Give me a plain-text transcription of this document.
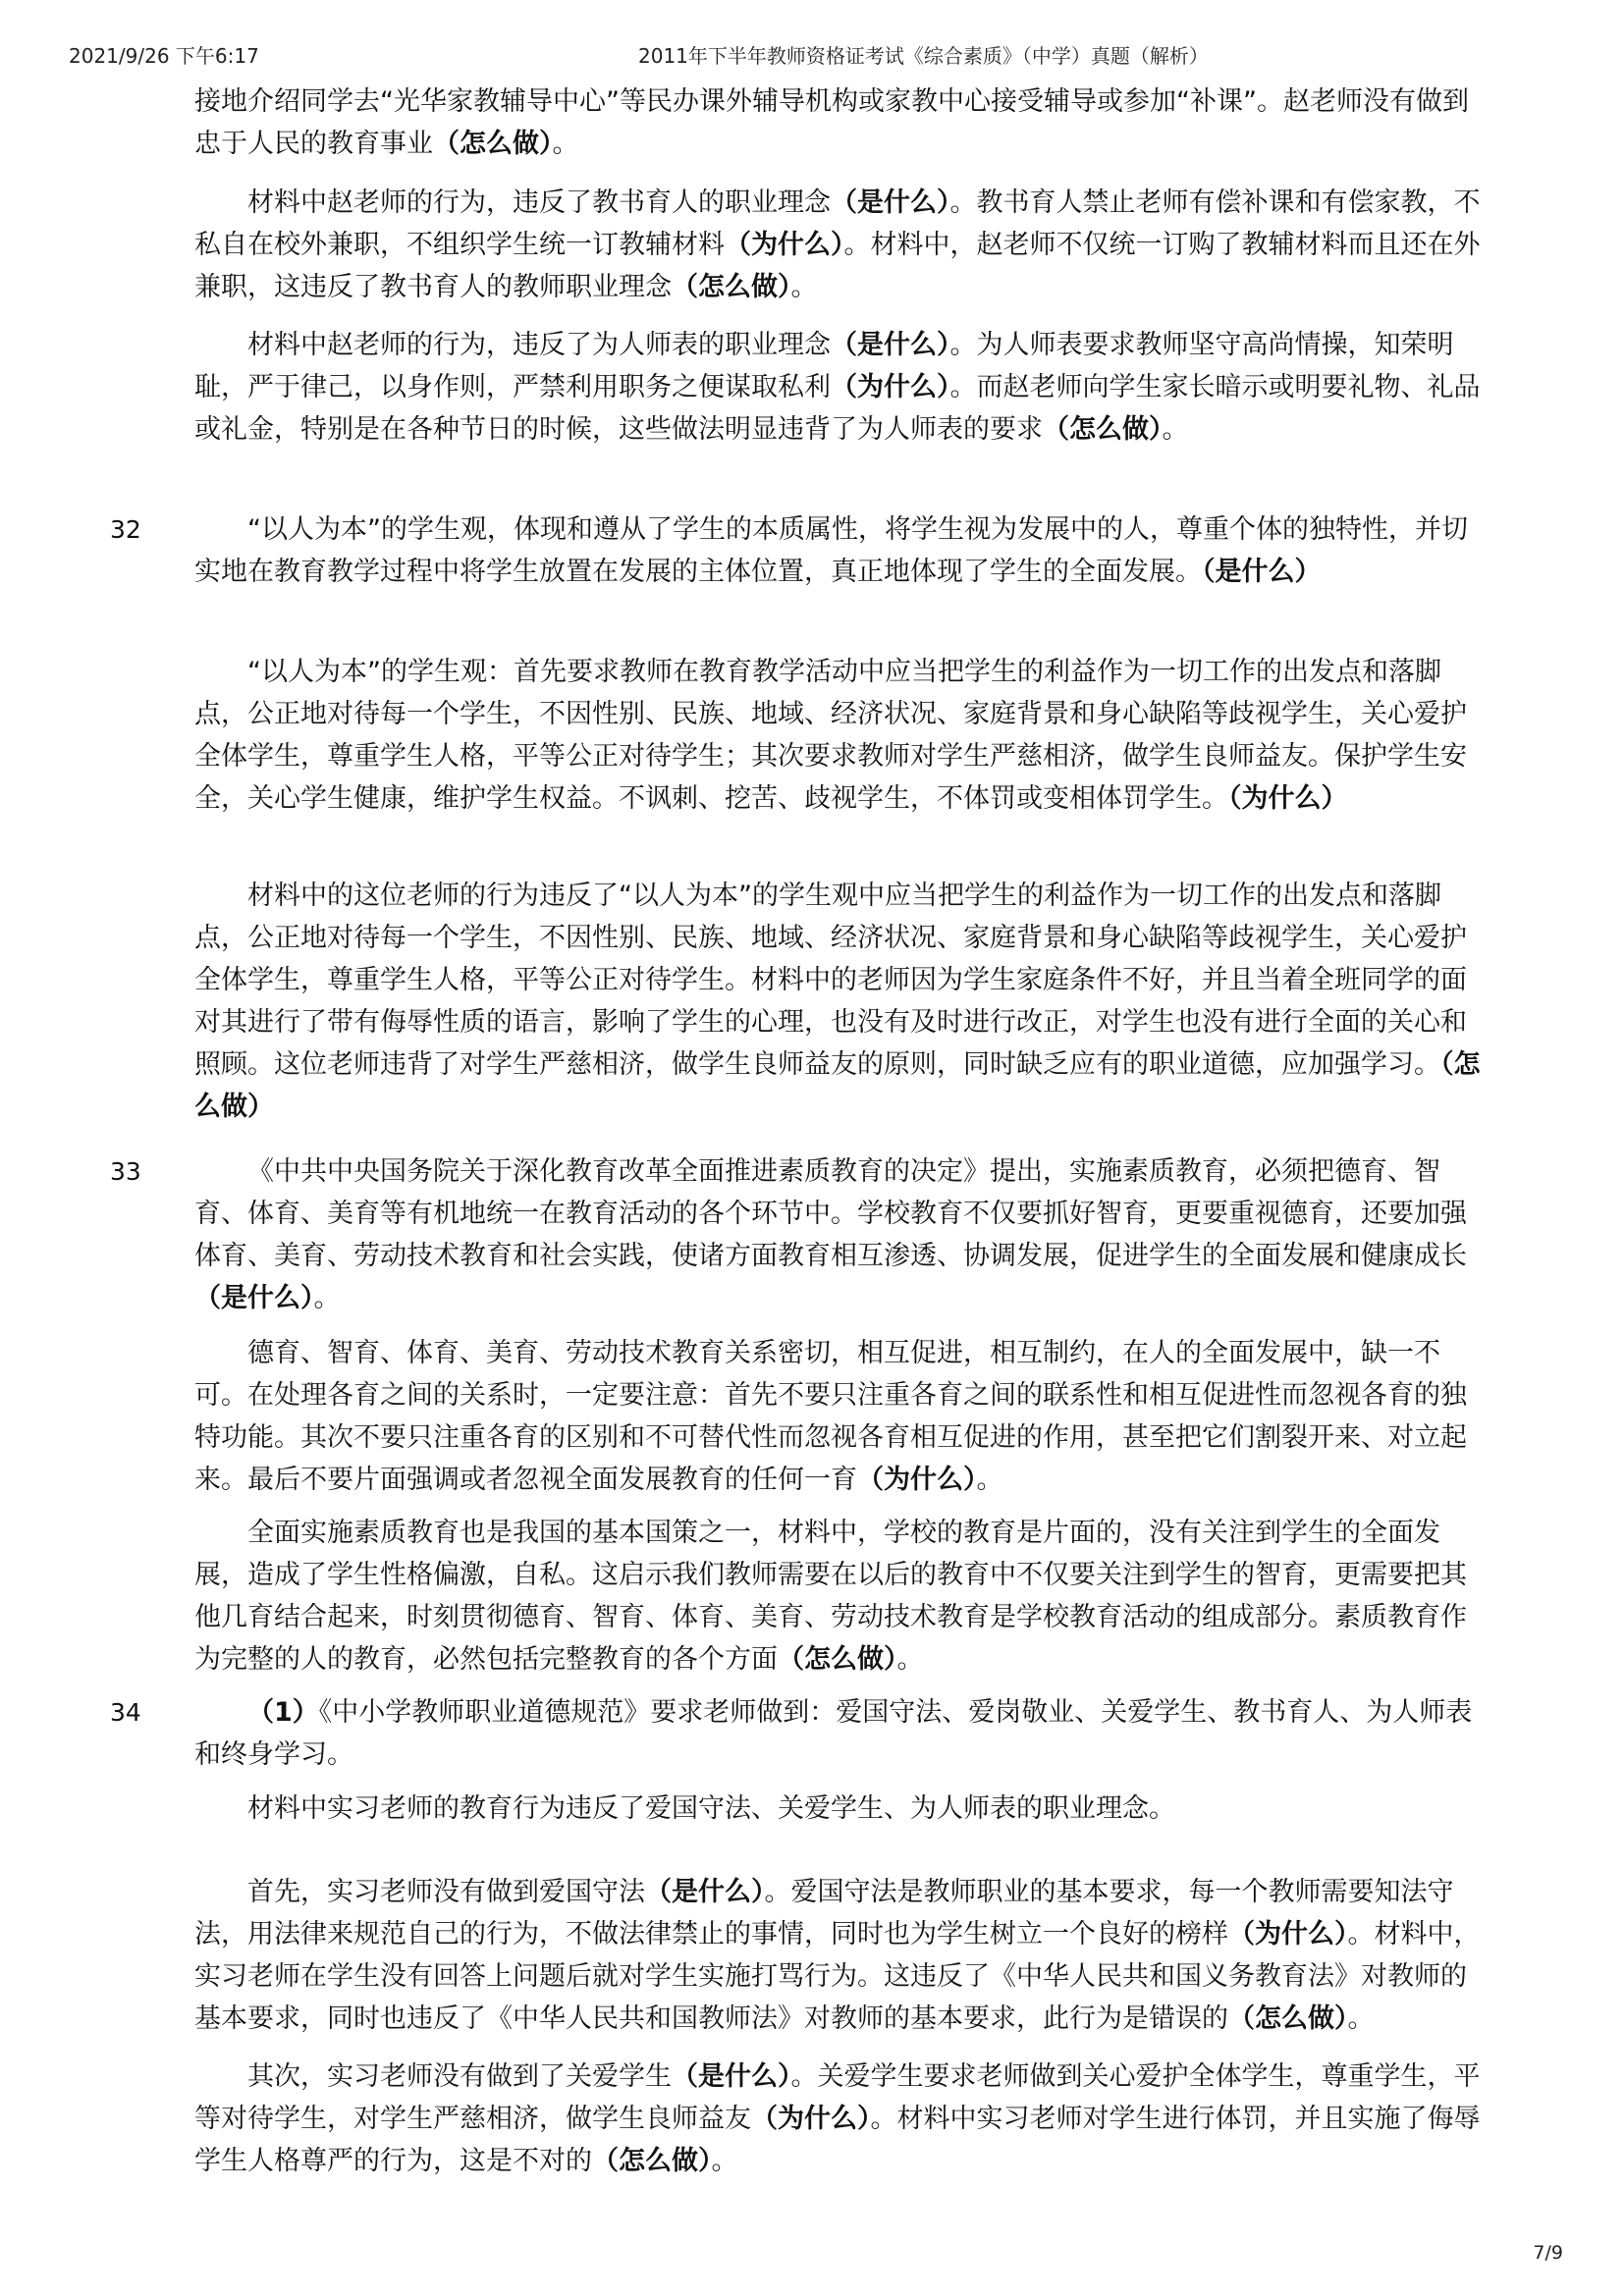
2021/9/26 下午6:17	2011年下半年教师资格证考试《综合素质》（中学）真题（解析）

接地介绍同学去“光华家教辅导中心”等民办课外辅导机构或家教中心接受辅导或参加“补课”。赵老师没有做到忠于人民的教育事业（怎么做）。

材料中赵老师的行为，违反了教书育人的职业理念（是什么）。教书育人禁止老师有偿补课和有偿家教，不私自在校外兼职，不组织学生统一订教辅材料（为什么）。材料中，赵老师不仅统一订购了教辅材料而且还在外兼职，这违反了教书育人的教师职业理念（怎么做）。

材料中赵老师的行为，违反了为人师表的职业理念（是什么）。为人师表要求教师坚守高尚情操，知荣明耻，严于律己，以身作则，严禁利用职务之便谋取私利（为什么）。而赵老师向学生家长暗示或明要礼物、礼品或礼金，特别是在各种节日的时候，这些做法明显违背了为人师表的要求（怎么做）。

32	“以人为本”的学生观，体现和遵从了学生的本质属性，将学生视为发展中的人，尊重个体的独特性，并切实地在教育教学过程中将学生放置在发展的主体位置，真正地体现了学生的全面发展。（是什么）

“以人为本”的学生观：首先要求教师在教育教学活动中应当把学生的利益作为一切工作的出发点和落脚点，公正地对待每一个学生，不因性别、民族、地域、经济状况、家庭背景和身心缺陷等歧视学生，关心爱护全体学生，尊重学生人格，平等公正对待学生；其次要求教师对学生严慈相济，做学生良师益友。保护学生安全，关心学生健康，维护学生权益。不讽刺、挖苦、歧视学生，不体罚或变相体罚学生。（为什么）

材料中的这位老师的行为违反了“以人为本”的学生观中应当把学生的利益作为一切工作的出发点和落脚点，公正地对待每一个学生，不因性别、民族、地域、经济状况、家庭背景和身心缺陷等歧视学生，关心爱护全体学生，尊重学生人格，平等公正对待学生。材料中的老师因为学生家庭条件不好，并且当着全班同学的面对其进行了带有侮辱性质的语言，影响了学生的心理，也没有及时进行改正，对学生也没有进行全面的关心和照顾。这位老师违背了对学生严慈相济，做学生良师益友的原则，同时缺乏应有的职业道德，应加强学习。（怎么做）

33	《中共中央国务院关于深化教育改革全面推进素质教育的决定》提出，实施素质教育，必须把德育、智育、体育、美育等有机地统一在教育活动的各个环节中。学校教育不仅要抓好智育，更要重视德育，还要加强体育、美育、劳动技术教育和社会实践，使诸方面教育相互渗透、协调发展，促进学生的全面发展和健康成长（是什么）。

德育、智育、体育、美育、劳动技术教育关系密切，相互促进，相互制约，在人的全面发展中，缺一不可。在处理各育之间的关系时，一定要注意：首先不要只注重各育之间的联系性和相互促进性而忽视各育的独特功能。其次不要只注重各育的区别和不可替代性而忽视各育相互促进的作用，甚至把它们割裂开来、对立起来。最后不要片面强调或者忽视全面发展教育的任何一育（为什么）。

全面实施素质教育也是我国的基本国策之一，材料中，学校的教育是片面的，没有关注到学生的全面发展，造成了学生性格偏激，自私。这启示我们教师需要在以后的教育中不仅要关注到学生的智育，更需要把其他几育结合起来，时刻贯彻德育、智育、体育、美育、劳动技术教育是学校教育活动的组成部分。素质教育作为完整的人的教育，必然包括完整教育的各个方面（怎么做）。

34	（1）《中小学教师职业道德规范》要求老师做到：爱国守法、爱岗敬业、关爱学生、教书育人、为人师表和终身学习。

材料中实习老师的教育行为违反了爱国守法、关爱学生、为人师表的职业理念。

首先，实习老师没有做到爱国守法（是什么）。爱国守法是教师职业的基本要求，每一个教师需要知法守法，用法律来规范自己的行为，不做法律禁止的事情，同时也为学生树立一个良好的榜样（为什么）。材料中，实习老师在学生没有回答上问题后就对学生实施打骂行为。这违反了《中华人民共和国义务教育法》对教师的基本要求，同时也违反了《中华人民共和国教师法》对教师的基本要求，此行为是错误的（怎么做）。

其次，实习老师没有做到了关爱学生（是什么）。关爱学生要求老师做到关心爱护全体学生，尊重学生，平等对待学生，对学生严慈相济，做学生良师益友（为什么）。材料中实习老师对学生进行体罚，并且实施了侮辱学生人格尊严的行为，这是不对的（怎么做）。

7/9
